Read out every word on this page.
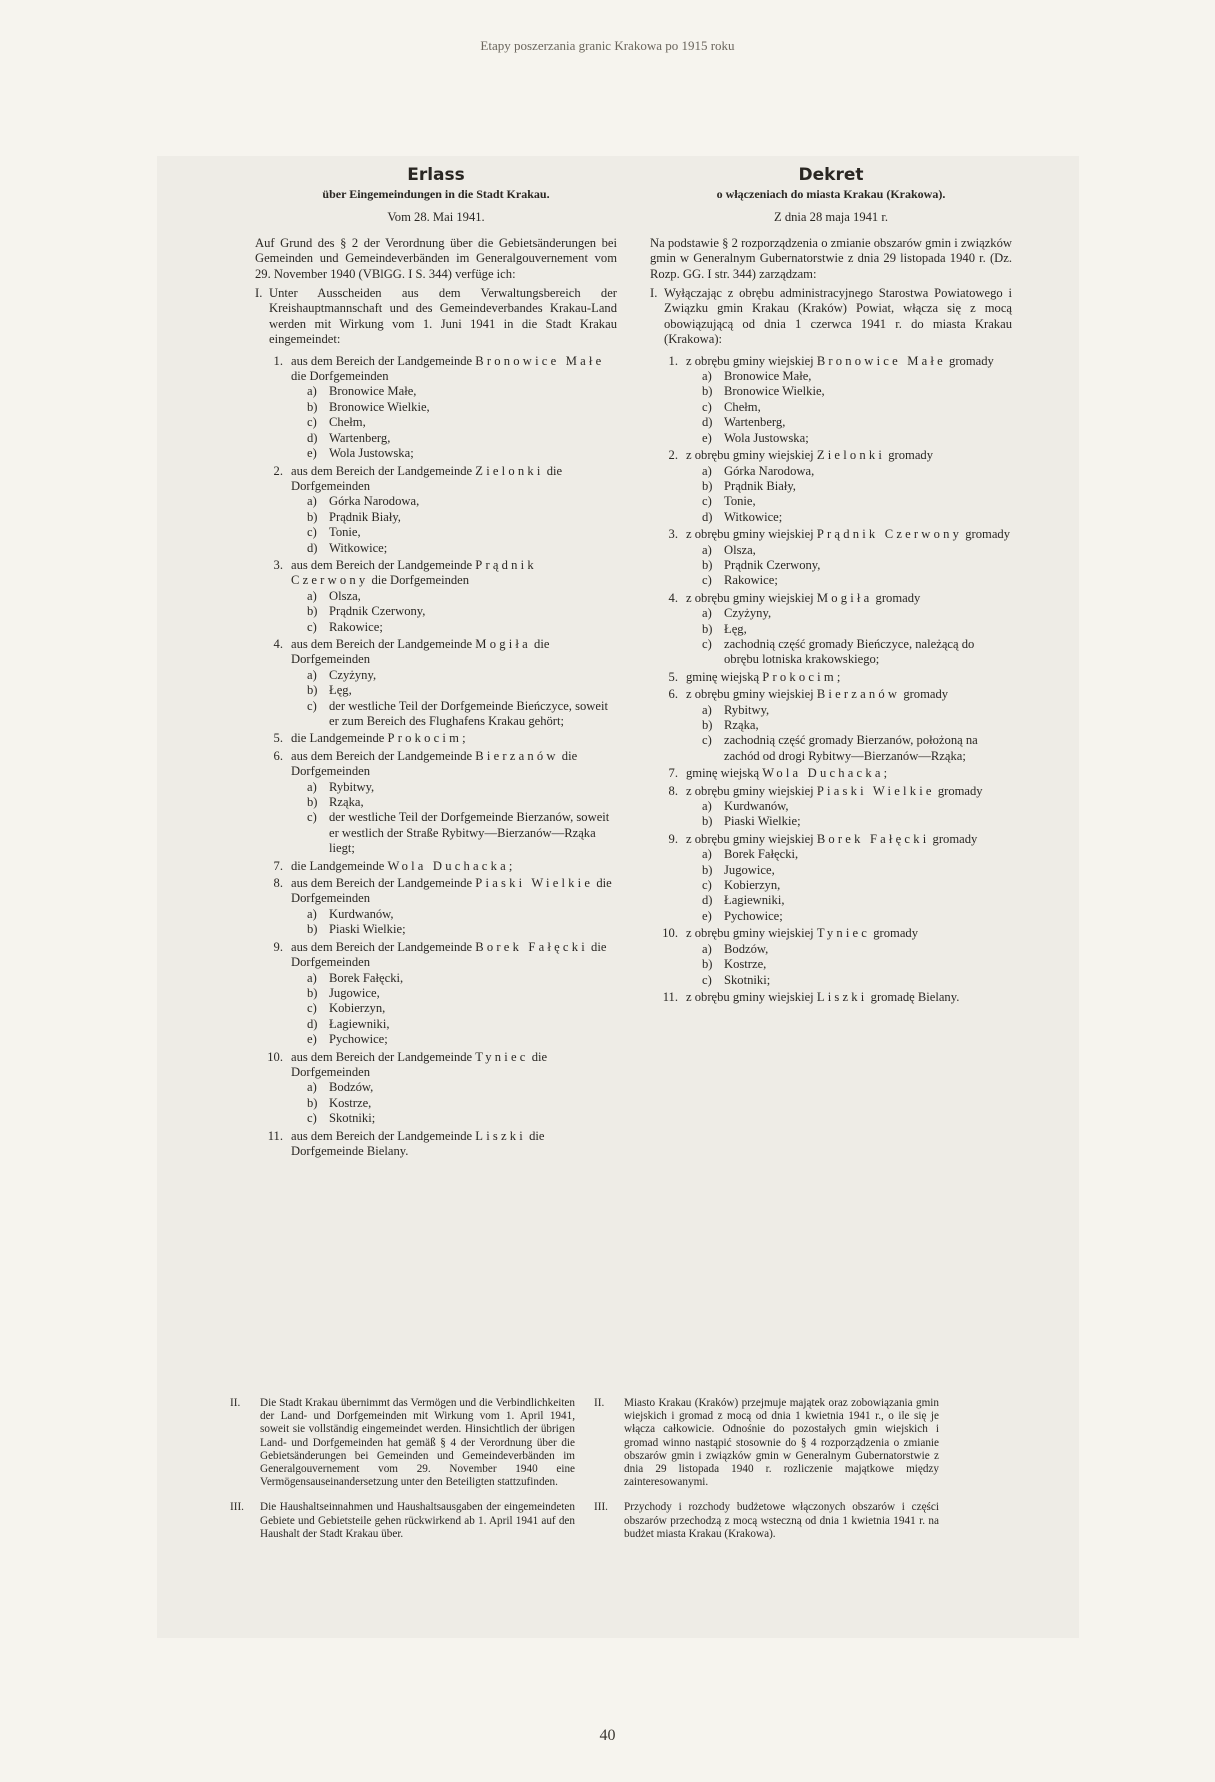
Etapy poszerzania granic Krakowa po 1915 roku

Erlass

über Eingemeindungen in die Stadt Krakau.

Vom 28. Mai 1941.

Auf Grund des § 2 der Verordnung über die Gebietsänderungen bei Gemeinden und Gemeindeverbänden im Generalgouvernement vom 29. November 1940 (VBlGG. I S. 344) verfüge ich:

I. Unter Ausscheiden aus dem Verwaltungsbereich der Kreishauptmannschaft und des Gemeindeverbandes Krakau-Land werden mit Wirkung vom 1. Juni 1941 in die Stadt Krakau eingemeindet:
1. aus dem Bereich der Landgemeinde Bronowice Małe die Dorfgemeinden
a) Bronowice Małe,
b) Bronowice Wielkie,
c) Chełm,
d) Wartenberg,
e) Wola Justowska;
2. aus dem Bereich der Landgemeinde Zielonki die Dorfgemeinden
a) Górka Narodowa,
b) Prądnik Biały,
c) Tonie,
d) Witkowice;
3. aus dem Bereich der Landgemeinde Prądnik Czerwony die Dorfgemeinden
a) Olsza,
b) Prądnik Czerwony,
c) Rakowice;
4. aus dem Bereich der Landgemeinde Mogiła die Dorfgemeinden
a) Czyżyny,
b) Łęg,
c) der westliche Teil der Dorfgemeinde Bieńczyce, soweit er zum Bereich des Flughafens Krakau gehört;
5. die Landgemeinde Prokocim;
6. aus dem Bereich der Landgemeinde Bierzanów die Dorfgemeinden
a) Rybitwy,
b) Rząka,
c) der westliche Teil der Dorfgemeinde Bierzanów, soweit er westlich der Straße Rybitwy—Bierzanów—Rząka liegt;
7. die Landgemeinde Wola Duchacka;
8. aus dem Bereich der Landgemeinde Piaski Wielkie die Dorfgemeinden
a) Kurdwanów,
b) Piaski Wielkie;
9. aus dem Bereich der Landgemeinde Borek Fałęcki die Dorfgemeinden
a) Borek Fałęcki,
b) Jugowice,
c) Kobierzyn,
d) Łagiewniki,
e) Pychowice;
10. aus dem Bereich der Landgemeinde Tyniec die Dorfgemeinden
a) Bodzów,
b) Kostrze,
c) Skotniki;
11. aus dem Bereich der Landgemeinde Liszki die Dorfgemeinde Bielany.

Dekret

o włączeniach do miasta Krakau (Krakowa).

Z dnia 28 maja 1941 r.

Na podstawie § 2 rozporządzenia o zmianie obszarów gmin i związków gmin w Generalnym Gubernatorstwie z dnia 29 listopada 1940 r. (Dz. Rozp. GG. I str. 344) zarządzam:

I. Wyłączając z obrębu administracyjnego Starostwa Powiatowego i Związku gmin Krakau (Kraków) Powiat, włącza się z mocą obowiązującą od dnia 1 czerwca 1941 r. do miasta Krakau (Krakowa):
1. z obrębu gminy wiejskiej Bronowice Małe gromady
a) Bronowice Małe,
b) Bronowice Wielkie,
c) Chełm,
d) Wartenberg,
e) Wola Justowska;
2. z obrębu gminy wiejskiej Zielonki gromady
a) Górka Narodowa,
b) Prądnik Biały,
c) Tonie,
d) Witkowice;
3. z obrębu gminy wiejskiej Prądnik Czerwony gromady
a) Olsza,
b) Prądnik Czerwony,
c) Rakowice;
4. z obrębu gminy wiejskiej Mogiła gromady
a) Czyżyny,
b) Łęg,
c) zachodnią część gromady Bieńczyce, należącą do obrębu lotniska krakowskiego;
5. gminę wiejską Prokocim;
6. z obrębu gminy wiejskiej Bierzanów gromady
a) Rybitwy,
b) Rząka,
c) zachodnią część gromady Bierzanów, położoną na zachód od drogi Rybitwy—Bierzanów—Rząka;
7. gminę wiejską Wola Duchacka;
8. z obrębu gminy wiejskiej Piaski Wielkie gromady
a) Kurdwanów,
b) Piaski Wielkie;
9. z obrębu gminy wiejskiej Borek Fałęcki gromady
a) Borek Fałęcki,
b) Jugowice,
c) Kobierzyn,
d) Łagiewniki,
e) Pychowice;
10. z obrębu gminy wiejskiej Tyniec gromady
a) Bodzów,
b) Kostrze,
c) Skotniki;
11. z obrębu gminy wiejskiej Liszki gromadę Bielany.
II.	Die Stadt Krakau übernimmt das Vermögen und die Verbindlichkeiten der Land- und Dorfgemeinden mit Wirkung vom 1. April 1941, soweit sie vollständig eingemeindet werden. Hinsichtlich der übrigen Land- und Dorfgemeinden hat gemäß § 4 der Verordnung über die Gebietsänderungen bei Gemeinden und Gemeindeverbänden im Generalgouvernement vom 29. November 1940 eine Vermögensauseinandersetzung unter den Beteiligten stattzufinden.
III.	Die Haushaltseinnahmen und Haushaltsausgaben der eingemeindeten Gebiete und Gebietsteile gehen rückwirkend ab 1. April 1941 auf den Haushalt der Stadt Krakau über.
II.	Miasto Krakau (Kraków) przejmuje majątek oraz zobowiązania gmin wiejskich i gromad z mocą od dnia 1 kwietnia 1941 r., o ile się je włącza całkowicie. Odnośnie do pozostałych gmin wiejskich i gromad winno nastąpić stosownie do § 4 rozporządzenia o zmianie obszarów gmin i związków gmin w Generalnym Gubernatorstwie z dnia 29 listopada 1940 r. rozliczenie majątkowe między zainteresowanymi.
III.	Przychody i rozchody budżetowe włączonych obszarów i części obszarów przechodzą z mocą wsteczną od dnia 1 kwietnia 1941 r. na budżet miasta Krakau (Krakowa).
40
